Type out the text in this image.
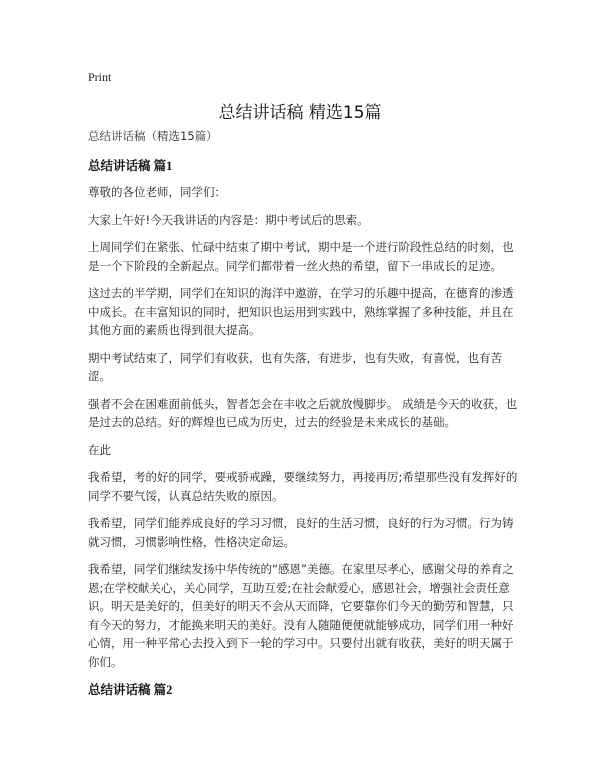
Print
总结讲话稿 精选15篇

总结讲话稿（精选15篇）

总结讲话稿 篇1

尊敬的各位老师，同学们：

大家上午好!今天我讲话的内容是：期中考试后的思索。

上周同学们在紧张、忙碌中结束了期中考试，期中是一个进行阶段性总结的时刻，也是一个下阶段的全新起点。同学们都带着一丝火热的希望，留下一串成长的足迹。

这过去的半学期，同学们在知识的海洋中遨游，在学习的乐趣中提高，在德育的渗透中成长。在丰富知识的同时，把知识也运用到实践中，熟练掌握了多种技能，并且在其他方面的素质也得到很大提高。

期中考试结束了，同学们有收获，也有失落，有进步，也有失败，有喜悦，也有苦涩。

强者不会在困难面前低头，智者怎会在丰收之后就放慢脚步。 成绩是今天的收获，也是过去的总结。好的辉煌也已成为历史，过去的经验是未来成长的基础。

在此

我希望，考的好的同学，要戒骄戒躁，要继续努力，再接再厉;希望那些没有发挥好的同学不要气馁，认真总结失败的原因。

我希望，同学们能养成良好的学习习惯，良好的生活习惯，良好的行为习惯。行为铸就习惯，习惯影响性格，性格决定命运。

我希望，同学们继续发扬中华传统的“感恩”美德。在家里尽孝心，感谢父母的养育之恩;在学校献关心，关心同学，互助互爱;在社会献爱心，感恩社会，增强社会责任意识。明天是美好的，但美好的明天不会从天而降，它要靠你们今天的勤劳和智慧，只有今天的努力，才能换来明天的美好。没有人随随便便就能够成功，同学们用一种好心情，用一种平常心去投入到下一轮的学习中。只要付出就有收获，美好的明天属于你们。

总结讲话稿 篇2
